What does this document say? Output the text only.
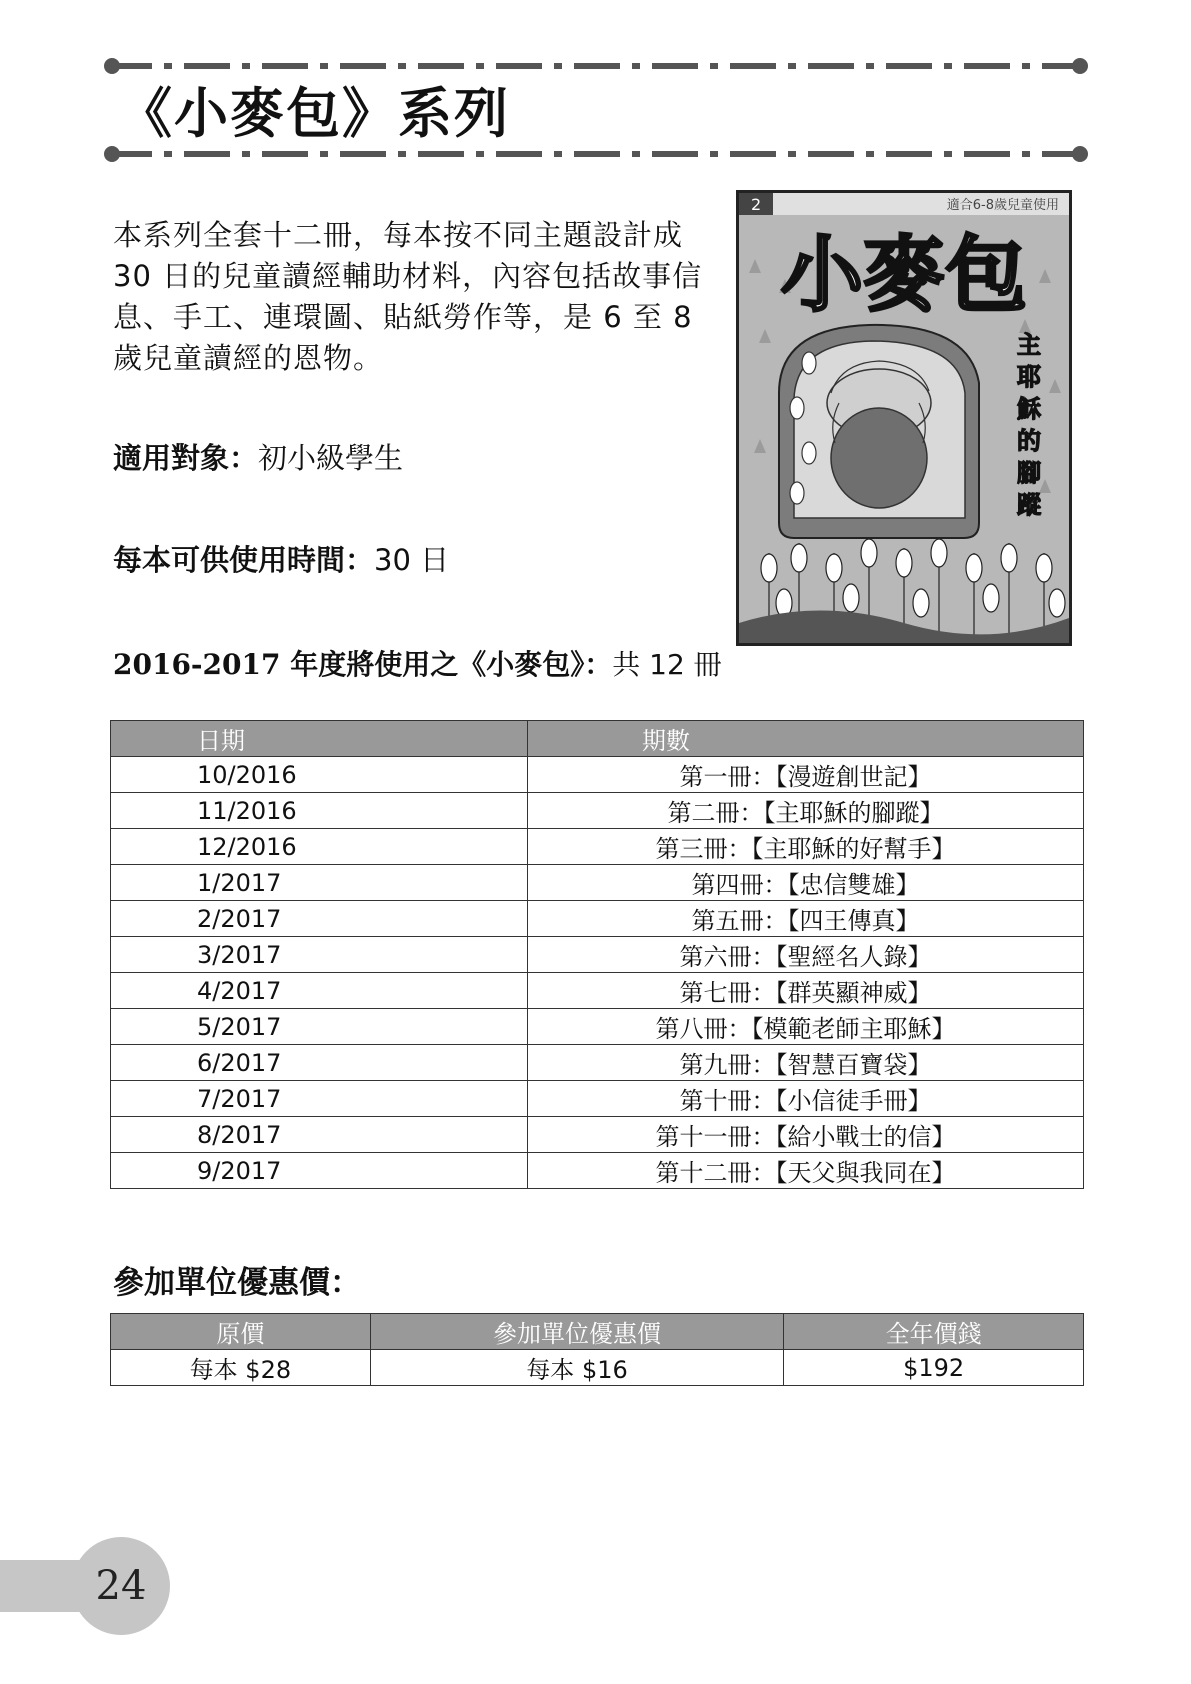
《小麥包》系列
本系列全套十二冊，每本按不同主題設計成
30 日的兒童讀經輔助材料，內容包括故事信
息、手工、連環圖、貼紙勞作等，是 6 至 8
歲兒童讀經的恩物。
適用對象：初小級學生
每本可供使用時間：30 日
2016-2017 年度將使用之《小麥包》：共 12 冊
2	適合6-8歲兒童使用
小麥包
主
耶
穌
的
腳
蹤
日期	期數
10/2016	第一冊：【漫遊創世記】
11/2016	第二冊：【主耶穌的腳蹤】
12/2016	第三冊：【主耶穌的好幫手】
1/2017	第四冊：【忠信雙雄】
2/2017	第五冊：【四王傳真】
3/2017	第六冊：【聖經名人錄】
4/2017	第七冊：【群英顯神威】
5/2017	第八冊：【模範老師主耶穌】
6/2017	第九冊：【智慧百寶袋】
7/2017	第十冊：【小信徒手冊】
8/2017	第十一冊：【給小戰士的信】
9/2017	第十二冊：【天父與我同在】
參加單位優惠價：
原價	參加單位優惠價	全年價錢
每本 $28	每本 $16	$192
24
